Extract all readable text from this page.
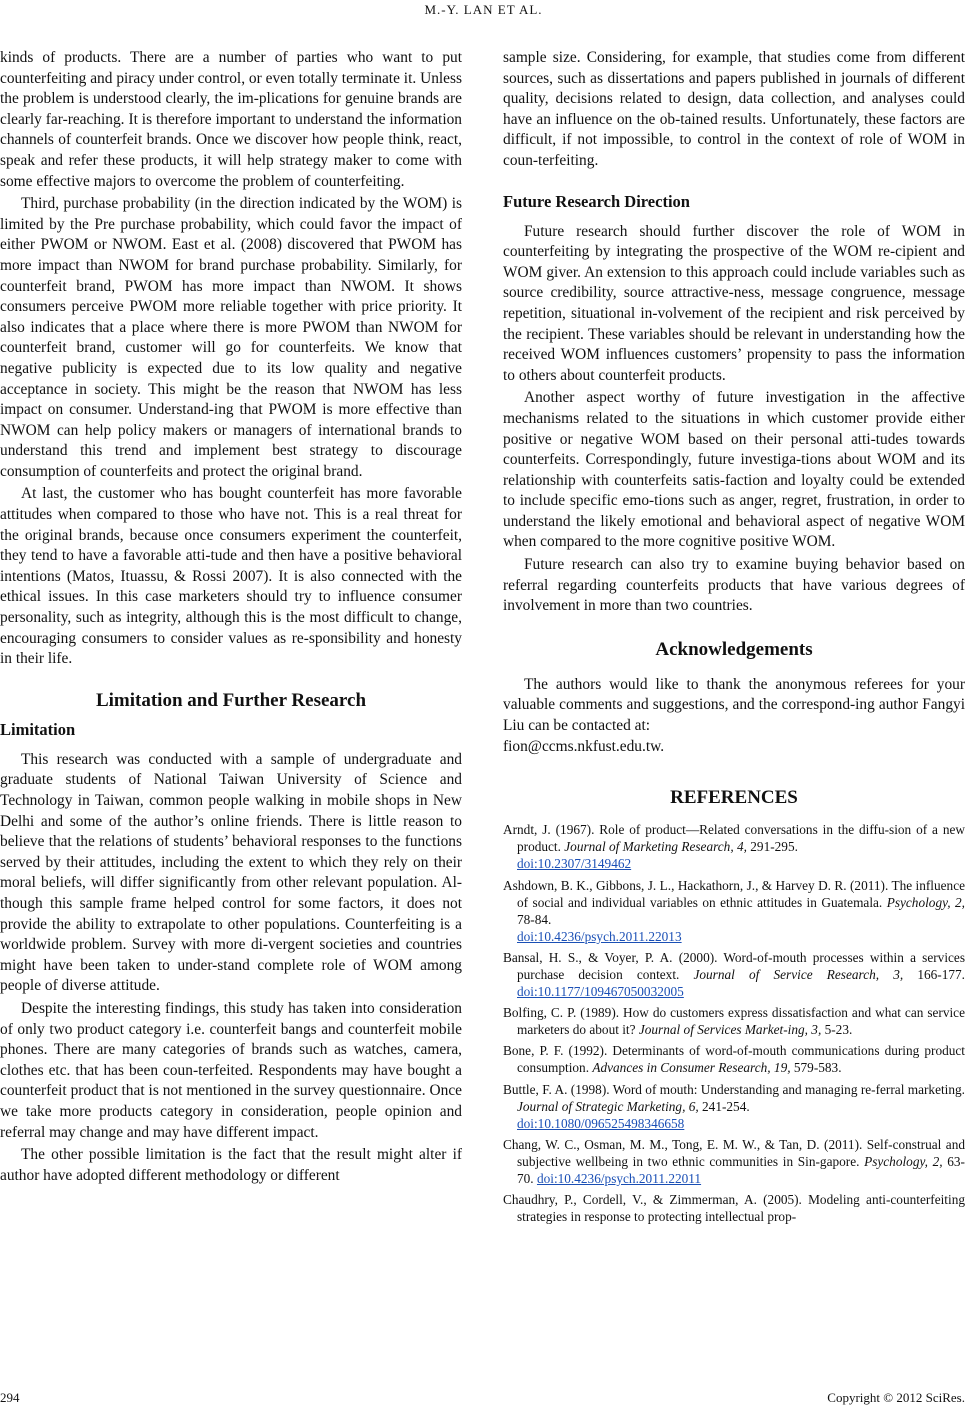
M.-Y. LAN ET AL.

kinds of products. There are a number of parties who want to put counterfeiting and piracy under control, or even totally terminate it. Unless the problem is understood clearly, the im-plications for genuine brands are clearly far-reaching. It is therefore important to understand the information channels of counterfeit brands. Once we discover how people think, react, speak and refer these products, it will help strategy maker to come with some effective majors to overcome the problem of counterfeiting.

Third, purchase probability (in the direction indicated by the WOM) is limited by the Pre purchase probability, which could favor the impact of either PWOM or NWOM. East et al. (2008) discovered that PWOM has more impact than NWOM for brand purchase probability. Similarly, for counterfeit brand, PWOM has more impact than NWOM. It shows consumers perceive PWOM more reliable together with price priority. It also indicates that a place where there is more PWOM than NWOM for counterfeit brand, customer will go for counterfeits. We know that negative publicity is expected due to its low quality and negative acceptance in society. This might be the reason that NWOM has less impact on consumer. Understand-ing that PWOM is more effective than NWOM can help policy makers or managers of international brands to understand this trend and implement best strategy to discourage consumption of counterfeits and protect the original brand.

At last, the customer who has bought counterfeit has more favorable attitudes when compared to those who have not. This is a real threat for the original brands, because once consumers experiment the counterfeit, they tend to have a favorable atti-tude and then have a positive behavioral intentions (Matos, Ituassu, & Rossi 2007). It is also connected with the ethical issues. In this case marketers should try to influence consumer personality, such as integrity, although this is the most difficult to change, encouraging consumers to consider values as re-sponsibility and honesty in their life.

Limitation and Further Research
Limitation

This research was conducted with a sample of undergraduate and graduate students of National Taiwan University of Science and Technology in Taiwan, common people walking in mobile shops in New Delhi and some of the author’s online friends. There is little reason to believe that the relations of students’ behavioral responses to the functions served by their attitudes, including the extent to which they rely on their moral beliefs, will differ significantly from other relevant population. Al-though this sample frame helped control for some factors, it does not provide the ability to extrapolate to other populations. Counterfeiting is a worldwide problem. Survey with more di-vergent societies and countries might have been taken to under-stand complete role of WOM among people of diverse attitude.

Despite the interesting findings, this study has taken into consideration of only two product category i.e. counterfeit bangs and counterfeit mobile phones. There are many categories of brands such as watches, camera, clothes etc. that has been coun-terfeited. Respondents may have bought a counterfeit product that is not mentioned in the survey questionnaire. Once we take more products category in consideration, people opinion and referral may change and may have different impact.

The other possible limitation is the fact that the result might alter if author have adopted different methodology or different

sample size. Considering, for example, that studies come from different sources, such as dissertations and papers published in journals of different quality, decisions related to design, data collection, and analyses could have an influence on the ob-tained results. Unfortunately, these factors are difficult, if not impossible, to control in the context of role of WOM in coun-terfeiting.

Future Research Direction

Future research should further discover the role of WOM in counterfeiting by integrating the prospective of the WOM re-cipient and WOM giver. An extension to this approach could include variables such as source credibility, source attractive-ness, message congruence, message repetition, situational in-volvement of the recipient and risk perceived by the recipient. These variables should be relevant in understanding how the received WOM influences customers’ propensity to pass the information to others about counterfeit products.

Another aspect worthy of future investigation in the affective mechanisms related to the situations in which customer provide either positive or negative WOM based on their personal atti-tudes towards counterfeits. Correspondingly, future investiga-tions about WOM and its relationship with counterfeits satis-faction and loyalty could be extended to include specific emo-tions such as anger, regret, frustration, in order to understand the likely emotional and behavioral aspect of negative WOM when compared to the more cognitive positive WOM.

Future research can also try to examine buying behavior based on referral regarding counterfeits products that have various degrees of involvement in more than two countries.

Acknowledgements

The authors would like to thank the anonymous referees for your valuable comments and suggestions, and the correspond-ing author Fangyi Liu can be contacted at:

fion@ccms.nkfust.edu.tw.

REFERENCES

Arndt, J. (1967). Role of product—Related conversations in the diffu-sion of a new product. Journal of Marketing Research, 4, 291-295.
doi:10.2307/3149462

Ashdown, B. K., Gibbons, J. L., Hackathorn, J., & Harvey D. R. (2011). The influence of social and individual variables on ethnic attitudes in Guatemala. Psychology, 2, 78-84.
doi:10.4236/psych.2011.22013

Bansal, H. S., & Voyer, P. A. (2000). Word-of-mouth processes within a services purchase decision context. Journal of Service Research, 3, 166-177. doi:10.1177/109467050032005

Bolfing, C. P. (1989). How do customers express dissatisfaction and what can service marketers do about it? Journal of Services Market-ing, 3, 5-23.

Bone, P. F. (1992). Determinants of word-of-mouth communications during product consumption. Advances in Consumer Research, 19, 579-583.

Buttle, F. A. (1998). Word of mouth: Understanding and managing re-ferral marketing. Journal of Strategic Marketing, 6, 241-254.
doi:10.1080/096525498346658

Chang, W. C., Osman, M. M., Tong, E. M. W., & Tan, D. (2011). Self-construal and subjective wellbeing in two ethnic communities in Sin-gapore. Psychology, 2, 63-70. doi:10.4236/psych.2011.22011

Chaudhry, P., Cordell, V., & Zimmerman, A. (2005). Modeling anti-counterfeiting strategies in response to protecting intellectual prop-

294	Copyright © 2012 SciRes.
